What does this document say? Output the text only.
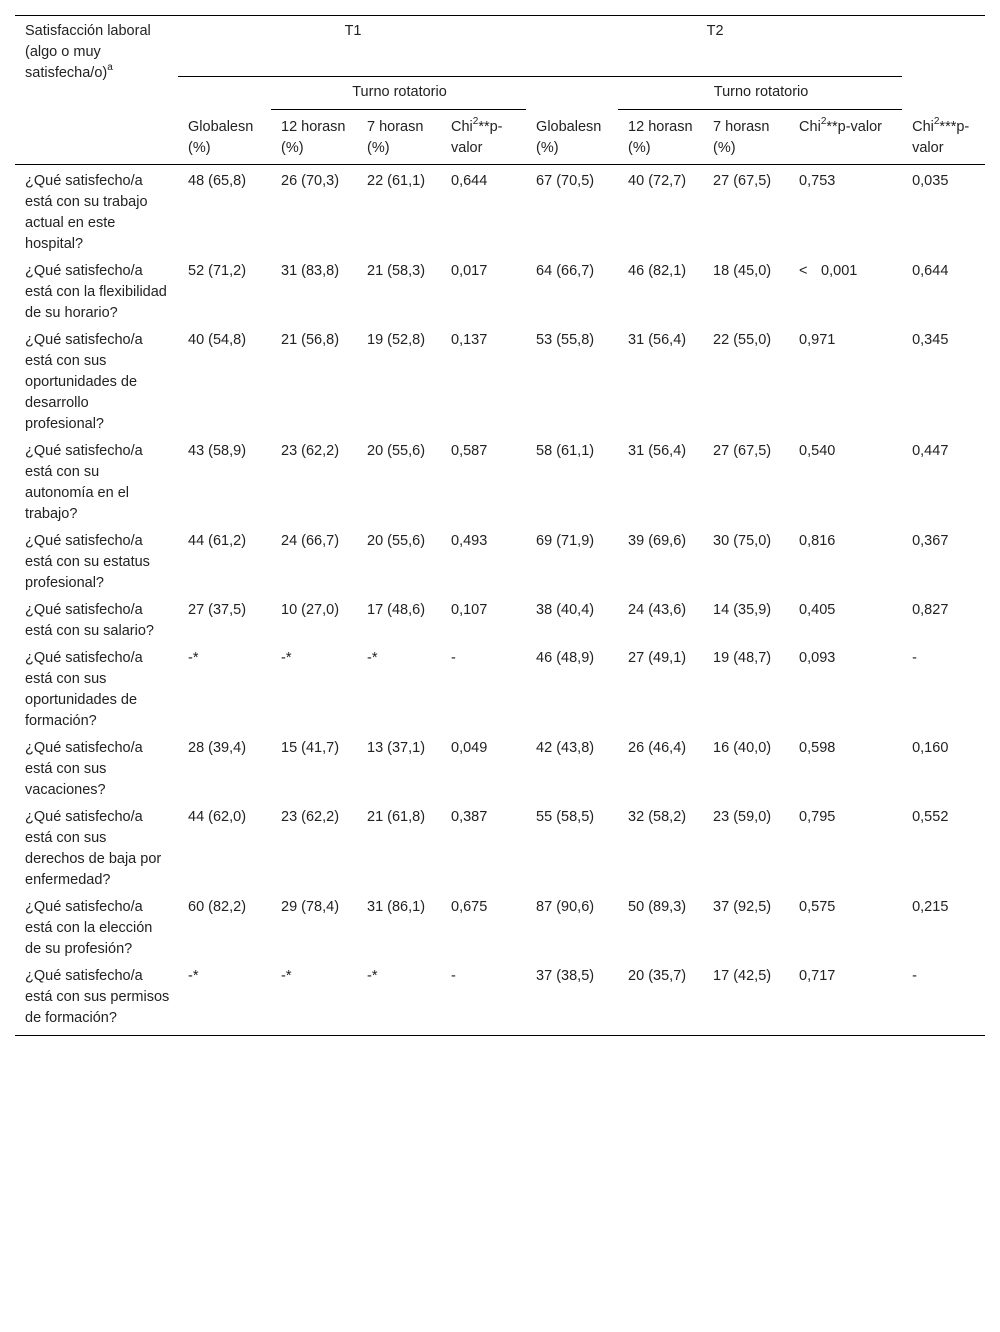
Satisfacción laboral (algo o muy satisfecha/o)$^a$	T1				T2				
		Turno rotatorio				Turno rotatorio			
	Globalesn (%)	12 horasn (%)	7 horasn (%)	Chi$^2$**p-valor	Globalesn (%)	12 horasn (%)	7 horasn (%)	Chi$^2$**p-valor	Chi$^2$***p-valor
¿Qué satisfecho/a está con su trabajo actual en este hospital?	48 (65,8)	26 (70,3)	22 (61,1)	0,644	67 (70,5)	40 (72,7)	27 (67,5)	0,753	0,035
¿Qué satisfecho/a está con la flexibilidad de su horario?	52 (71,2)	31 (83,8)	21 (58,3)	0,017	64 (66,7)	46 (82,1)	18 (45,0)	< 0,001	0,644
¿Qué satisfecho/a está con sus oportunidades de desarrollo profesional?	40 (54,8)	21 (56,8)	19 (52,8)	0,137	53 (55,8)	31 (56,4)	22 (55,0)	0,971	0,345
¿Qué satisfecho/a está con su autonomía en el trabajo?	43 (58,9)	23 (62,2)	20 (55,6)	0,587	58 (61,1)	31 (56,4)	27 (67,5)	0,540	0,447
¿Qué satisfecho/a está con su estatus profesional?	44 (61,2)	24 (66,7)	20 (55,6)	0,493	69 (71,9)	39 (69,6)	30 (75,0)	0,816	0,367
¿Qué satisfecho/a está con su salario?	27 (37,5)	10 (27,0)	17 (48,6)	0,107	38 (40,4)	24 (43,6)	14 (35,9)	0,405	0,827
¿Qué satisfecho/a está con sus oportunidades de formación?	-*	-*	-*	-	46 (48,9)	27 (49,1)	19 (48,7)	0,093	-
¿Qué satisfecho/a está con sus vacaciones?	28 (39,4)	15 (41,7)	13 (37,1)	0,049	42 (43,8)	26 (46,4)	16 (40,0)	0,598	0,160
¿Qué satisfecho/a está con sus derechos de baja por enfermedad?	44 (62,0)	23 (62,2)	21 (61,8)	0,387	55 (58,5)	32 (58,2)	23 (59,0)	0,795	0,552
¿Qué satisfecho/a está con la elección de su profesión?	60 (82,2)	29 (78,4)	31 (86,1)	0,675	87 (90,6)	50 (89,3)	37 (92,5)	0,575	0,215
¿Qué satisfecho/a está con sus permisos de formación?	-*	-*	-*	-	37 (38,5)	20 (35,7)	17 (42,5)	0,717	-
